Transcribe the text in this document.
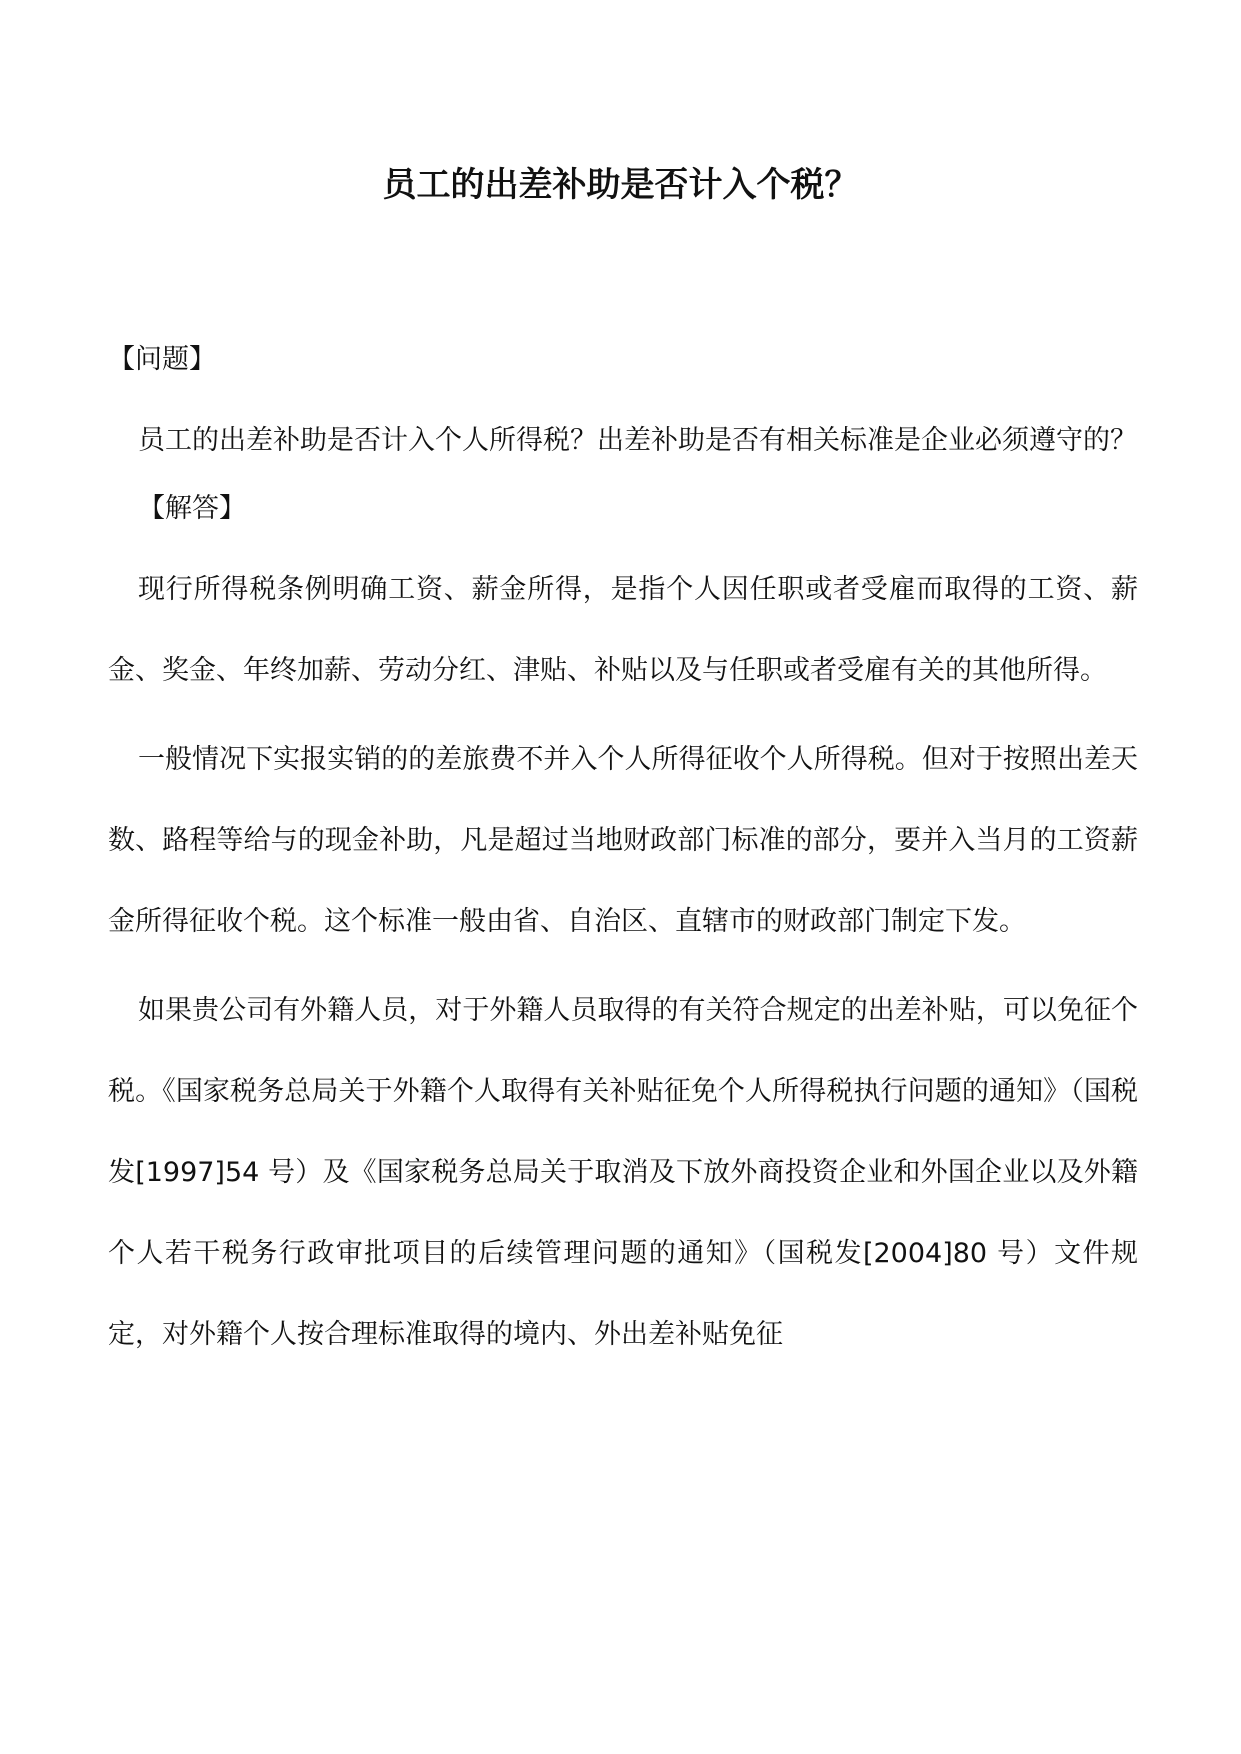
员工的出差补助是否计入个税？

【问题】

员工的出差补助是否计入个人所得税？出差补助是否有相关标准是企业必须遵守的？

【解答】

现行所得税条例明确工资、薪金所得，是指个人因任职或者受雇而取得的工资、薪金、奖金、年终加薪、劳动分红、津贴、补贴以及与任职或者受雇有关的其他所得。

一般情况下实报实销的的差旅费不并入个人所得征收个人所得税。但对于按照出差天数、路程等给与的现金补助，凡是超过当地财政部门标准的部分，要并入当月的工资薪金所得征收个税。这个标准一般由省、自治区、直辖市的财政部门制定下发。

如果贵公司有外籍人员，对于外籍人员取得的有关符合规定的出差补贴，可以免征个税。《国家税务总局关于外籍个人取得有关补贴征免个人所得税执行问题的通知》（国税发[1997]54 号）及《国家税务总局关于取消及下放外商投资企业和外国企业以及外籍个人若干税务行政审批项目的后续管理问题的通知》（国税发[2004]80 号）文件规定，对外籍个人按合理标准取得的境内、外出差补贴免征
